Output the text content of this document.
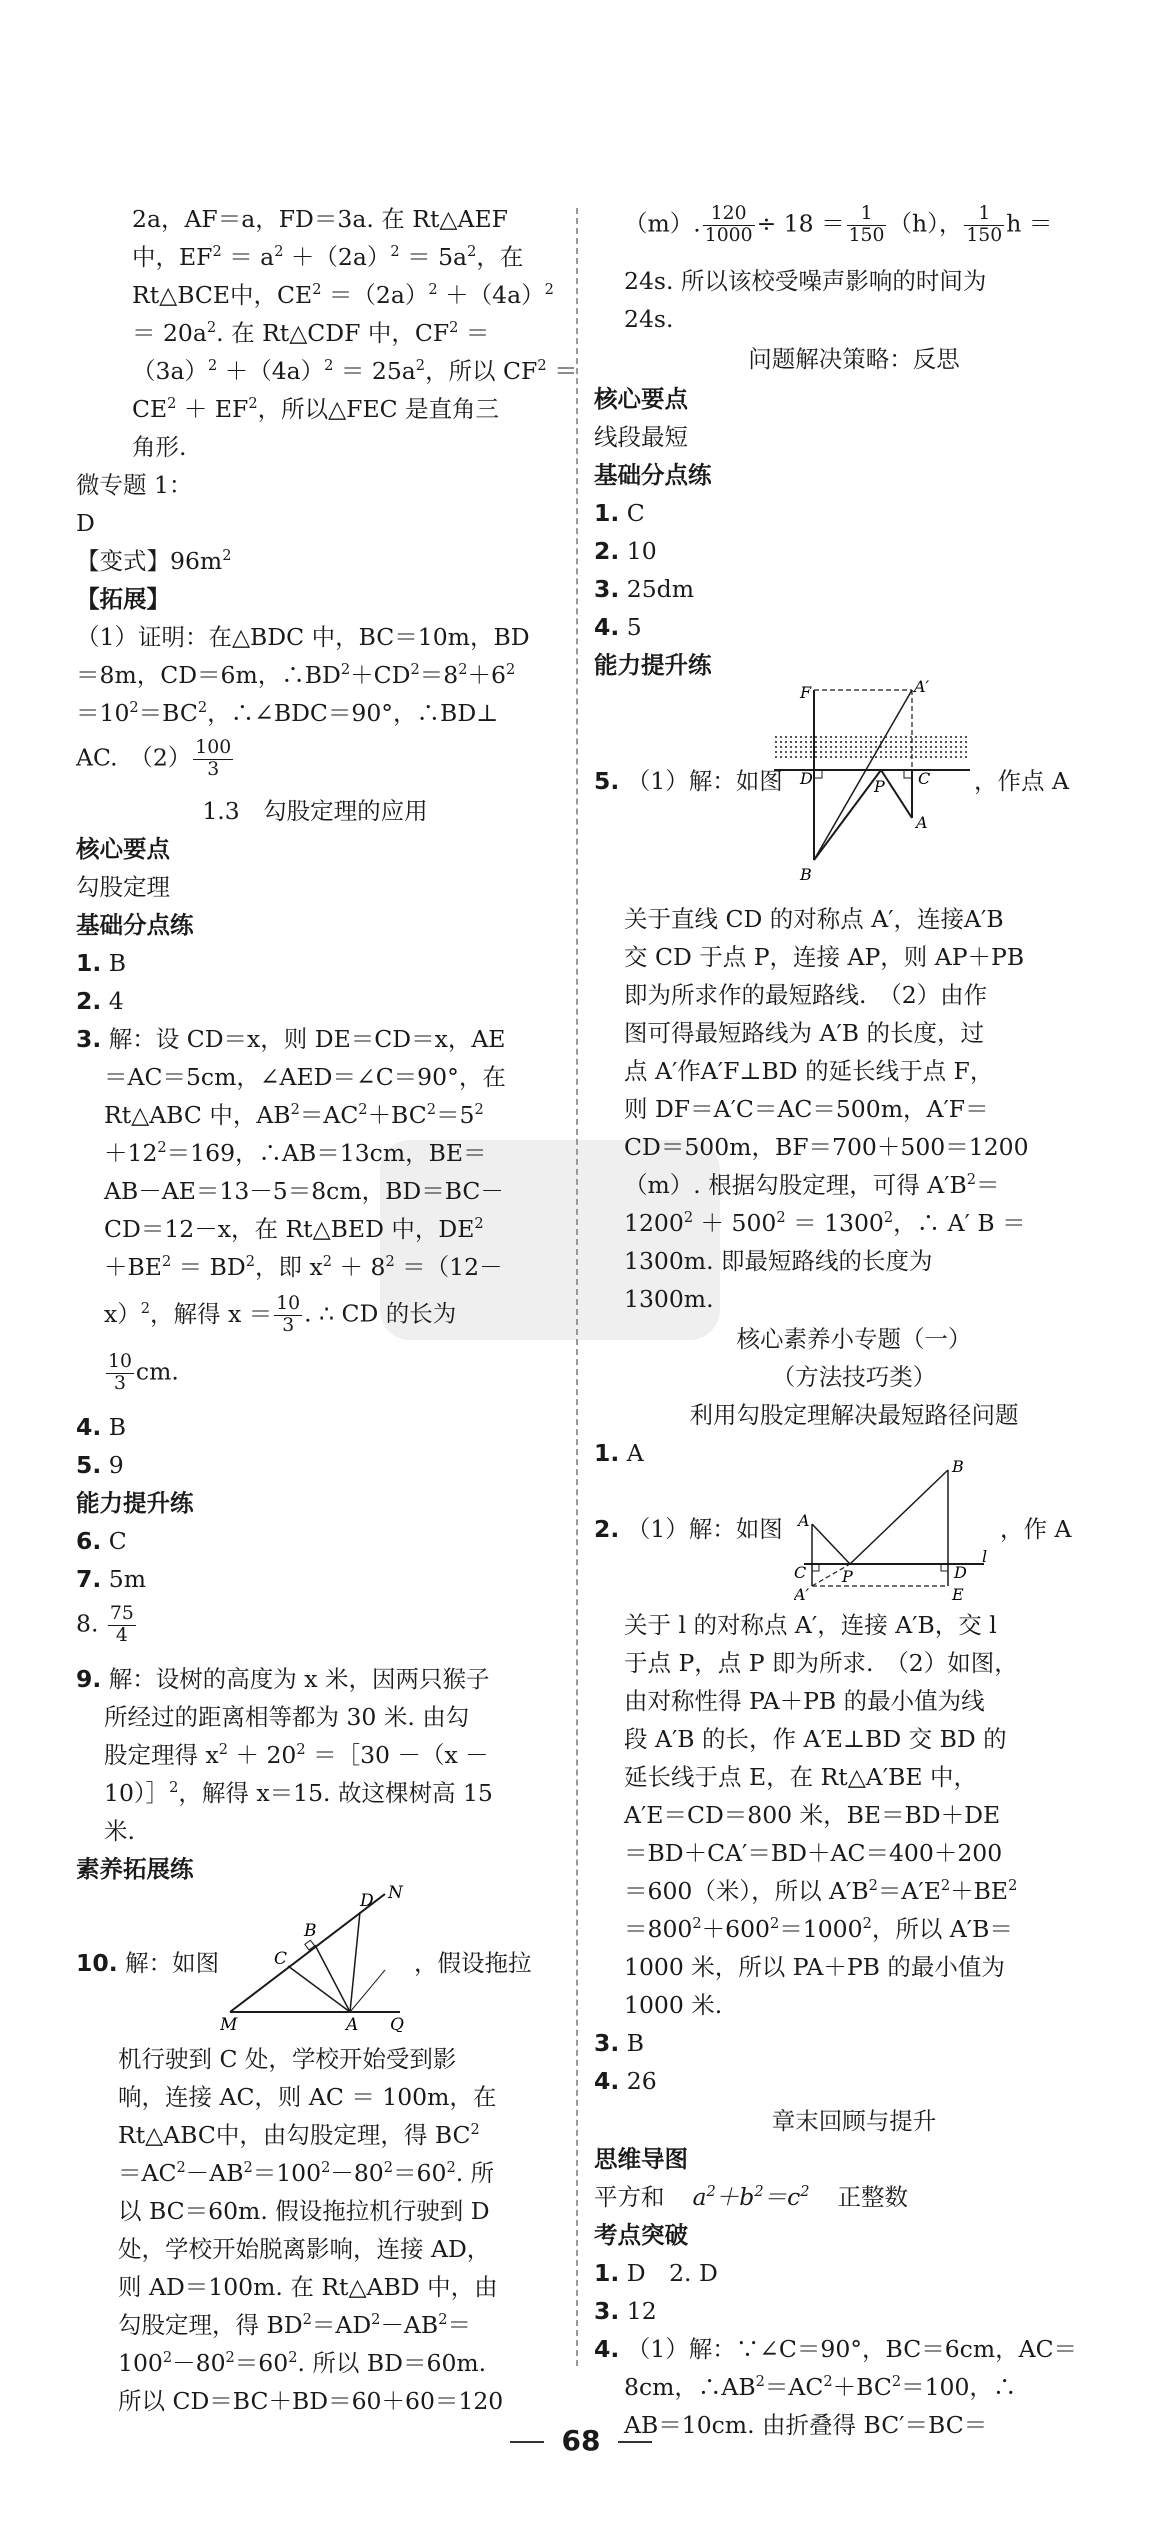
2a，AF＝a，FD＝3a. 在 Rt△AEF
中，$EF^2 = a^2 +(2a)^2 = 5a^2$，在
Rt△BCE中，$CE^2 =(2a)^2 +(4a)^2$
＝ $20a^2$. 在 Rt△CDF 中，$CF^2$ ＝
$(3a)^2 +(4a)^2 = 25a^2$，所以 $CF^2$ ＝
$CE^2 + EF^2$，所以△FEC 是直角三
角形.
微专题 1：
D
【变式】$96m^2$
【拓展】
（1）证明：在△BDC 中，BC＝10m，BD
＝8m，CD＝6m，$\therefore BD^2+CD^2=8^2+6^2$
$=10^2=BC^2$，∴∠BDC＝90°，∴BD⊥
AC.　$(2) \frac{100}{3}$
1.3　勾股定理的应用
核心要点
勾股定理
基础分点练
1. B
2. 4
3. 解：设 CD＝x，则 DE＝CD＝x，AE
＝AC＝5cm，∠AED＝∠C＝90°，在
Rt△ABC 中，$AB^2=AC^2+BC^2=5^2$
$+12^2=169$，∴AB＝13cm，BE＝
AB－AE＝13－5＝8cm，BD＝BC－
CD＝12－x，在 Rt△BED 中，$DE^2$
$+BE^2 = BD^2$，即 $x^2 + 8^2 =(12-$
x）$^2$，解得 $x = \frac{10}{3}$ . ∴ CD 的长为
$\frac{10}{3}$ cm.
4. B
5. 9
能力提升练
6. C
7. 5m
8. $\frac{75}{4}$
9. 解：设树的高度为 x 米，因两只猴子
所经过的距离相等都为 30 米. 由勾
股定理得 $x^2 + 20^2$ ＝［30 －（x －
10）］$^2$，解得 x＝15. 故这棵树高 15
米.
素养拓展练
D N
B
C
M	A Q
10. 解：如图	，假设拖拉
机行驶到 C 处，学校开始受到影
响，连接 AC，则 AC ＝ 100m，在
Rt△ABC中，由勾股定理，得 $BC^2$
$=AC^2-AB^2=100^2-80^2=60^2$. 所
以 BC＝60m. 假设拖拉机行驶到 D
处，学校开始脱离影响，连接 AD，
则 AD＝100m. 在 Rt△ABD 中，由
勾股定理，得 $BD^2=AD^2-AB^2=$
$100^2-80^2=60^2$. 所以 BD＝60m.
所以 CD＝BC＋BD＝60＋60＝120
（m）. $\frac{120}{1000} \div 18 = \frac{1}{150} (h)$， $\frac{1}{150}$ h ＝
24s. 所以该校受噪声影响的时间为
24s.
问题解决策略：反思
核心要点
线段最短
基础分点练
1. C
2. 10
3. 25dm
4. 5
能力提升练
F	A′
D	P C
A
B
5. （1）解：如图	，作点 A
关于直线 CD 的对称点 A′，连接A′B
交 CD 于点 P，连接 AP，则 AP＋PB
即为所求作的最短路线.　（2）由作
图可得最短路线为 A′B 的长度，过
点 A′作A′F⊥BD 的延长线于点 F，
则 DF＝A′C＝AC＝500m，A′F＝
CD＝500m，BF＝700＋500＝1200
（m）. 根据勾股定理，可得 $A'B^2=$
$1200^2 + 500^2 = 1300^2$，∴ A′ B ＝
1300m. 即最短路线的长度为
1300m.
核心素养小专题（一）
（方法技巧类）
利用勾股定理解决最短路径问题
1. A	B
A
C P	D
l
A′	E
2. （1）解：如图	，作 A
关于 l 的对称点 A′，连接 A′B，交 l
于点 P，点 P 即为所求.　（2）如图，
由对称性得 PA＋PB 的最小值为线
段 A′B 的长，作 A′E⊥BD 交 BD 的
延长线于点 E，在 Rt△A′BE 中，
A′E＝CD＝800 米，BE＝BD＋DE
＝BD＋CA′＝BD＋AC＝400＋200
＝600（米），所以 $A'B^2=A'E^2+BE^2$
$=800^2+600^2=1000^2$，所以 A′B＝
1000 米，所以 PA＋PB 的最小值为
1000 米.
3. B
4. 26
章末回顾与提升
思维导图
平方和 $a^2+b^2=c^2$ 正整数
考点突破
1. D　2. D
3. 12
4. （1）解：∵∠C＝90°，BC＝6cm，AC＝
8cm，$\therefore AB^2=AC^2+BC^2=100$，∴
AB＝10cm. 由折叠得 BC′＝BC＝
68
